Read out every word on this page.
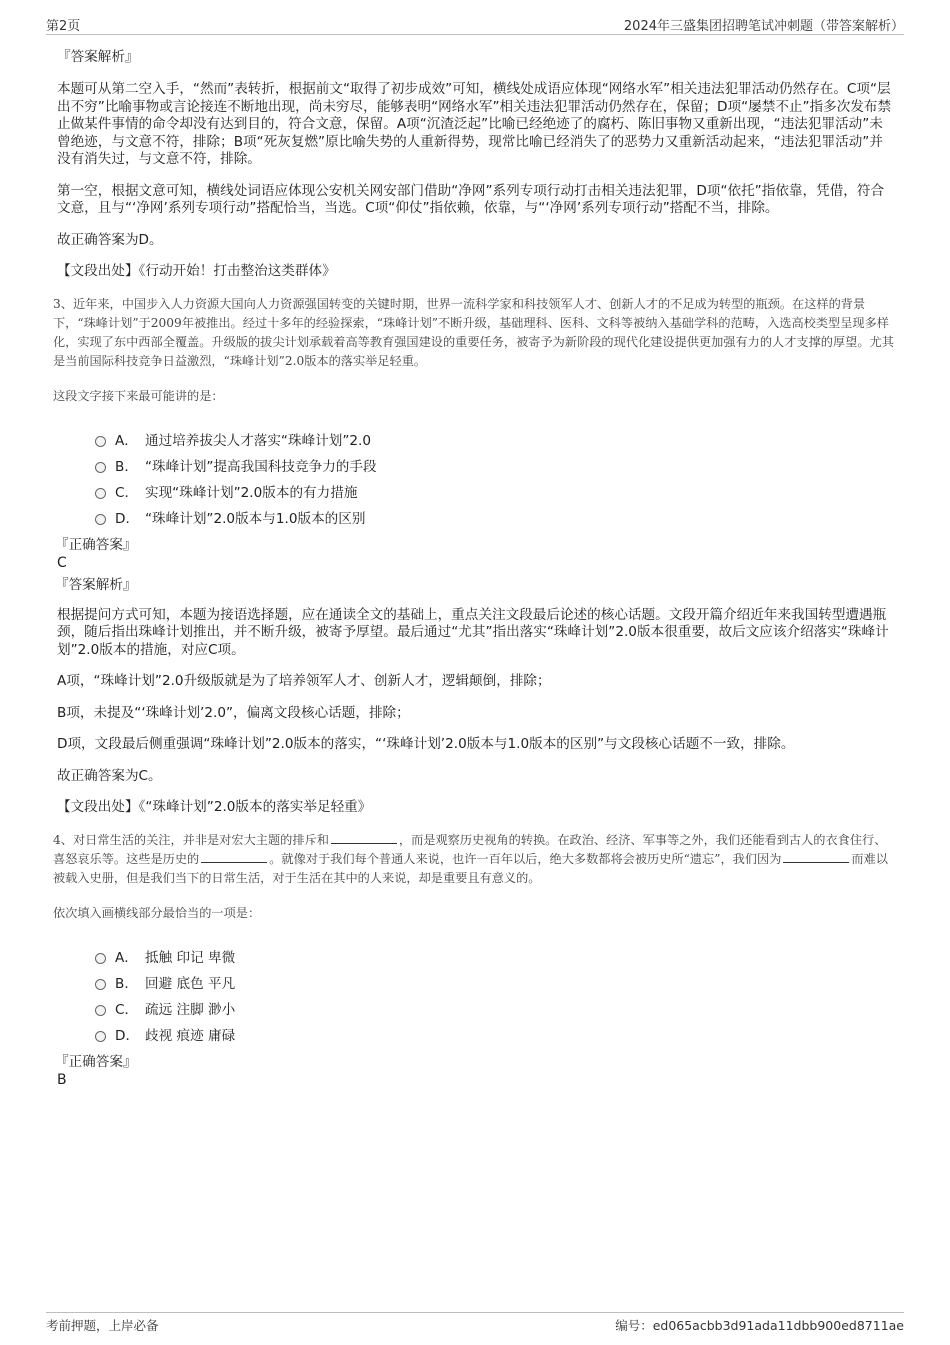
第2页	2024年三盛集团招聘笔试冲刺题（带答案解析）
『答案解析』

本题可从第二空入手，“然而”表转折，根据前文“取得了初步成效”可知，横线处成语应体现“网络水军”相关违法犯罪活动仍然存在。C项“层出不穷”比喻事物或言论接连不断地出现，尚未穷尽，能够表明“网络水军”相关违法犯罪活动仍然存在，保留；D项“屡禁不止”指多次发布禁止做某件事情的命令却没有达到目的，符合文意，保留。A项“沉渣泛起”比喻已经绝迹了的腐朽、陈旧事物又重新出现，“违法犯罪活动”未曾绝迹，与文意不符，排除；B项“死灰复燃”原比喻失势的人重新得势，现常比喻已经消失了的恶势力又重新活动起来，“违法犯罪活动”并没有消失过，与文意不符，排除。

第一空，根据文意可知，横线处词语应体现公安机关网安部门借助“净网”系列专项行动打击相关违法犯罪，D项“依托”指依靠，凭借，符合文意，且与“‘净网’系列专项行动”搭配恰当，当选。C项“仰仗”指依赖，依靠，与“‘净网’系列专项行动”搭配不当，排除。

故正确答案为D。

【文段出处】《行动开始！打击整治这类群体》

3、近年来，中国步入人力资源大国向人力资源强国转变的关键时期，世界一流科学家和科技领军人才、创新人才的不足成为转型的瓶颈。在这样的背景下，“珠峰计划”于2009年被推出。经过十多年的经验探索，“珠峰计划”不断升级，基础理科、医科、文科等被纳入基础学科的范畴，入选高校类型呈现多样化，实现了东中西部全覆盖。升级版的拔尖计划承载着高等教育强国建设的重要任务，被寄予为新阶段的现代化建设提供更加强有力的人才支撑的厚望。尤其是当前国际科技竞争日益激烈，“珠峰计划”2.0版本的落实举足轻重。

这段文字接下来最可能讲的是：

A． 通过培养拔尖人才落实“珠峰计划”2.0
B． “珠峰计划”提高我国科技竞争力的手段
C． 实现“珠峰计划”2.0版本的有力措施
D． “珠峰计划”2.0版本与1.0版本的区别
『正确答案』
C
『答案解析』

根据提问方式可知，本题为接语选择题，应在通读全文的基础上，重点关注文段最后论述的核心话题。文段开篇介绍近年来我国转型遭遇瓶颈，随后指出珠峰计划推出，并不断升级，被寄予厚望。最后通过“尤其”指出落实“珠峰计划”2.0版本很重要，故后文应该介绍落实“珠峰计划”2.0版本的措施，对应C项。

A项，“珠峰计划”2.0升级版就是为了培养领军人才、创新人才，逻辑颠倒，排除；

B项，未提及“‘珠峰计划’2.0”，偏离文段核心话题，排除；

D项，文段最后侧重强调“珠峰计划”2.0版本的落实，“‘珠峰计划’2.0版本与1.0版本的区别”与文段核心话题不一致，排除。

故正确答案为C。

【文段出处】《“珠峰计划”2.0版本的落实举足轻重》

4、对日常生活的关注，并非是对宏大主题的排斥和	，而是观察历史视角的转换。在政治、经济、军事等之外，我们还能看到古人的衣食住行、喜怒哀乐等。这些是历史的	。就像对于我们每个普通人来说，也许一百年以后，绝大多数都将会被历史所“遗忘”，我们因为	而难以被载入史册，但是我们当下的日常生活，对于生活在其中的人来说，却是重要且有意义的。

依次填入画横线部分最恰当的一项是：

A． 抵触 印记 卑微
B． 回避 底色 平凡
C． 疏远 注脚 渺小
D． 歧视 痕迹 庸碌
『正确答案』
B
考前押题，上岸必备	编号：ed065acbb3d91ada11dbb900ed8711ae
